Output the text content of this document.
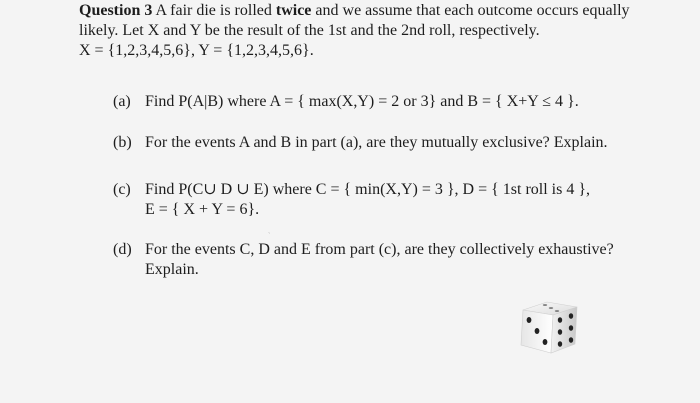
Question 3 A fair die is rolled twice and we assume that each outcome occurs equally
likely. Let X and Y be the result of the 1st and the 2nd roll, respectively.
X = {1,2,3,4,5,6}, Y = {1,2,3,4,5,6}.
(a) Find P(A|B) where A = { max(X,Y) = 2 or 3} and B = { X+Y ≤ 4 }.
(b) For the events A and B in part (a), are they mutually exclusive? Explain.
(c) Find P(C∪ D ∪ E) where C = { min(X,Y) = 3 }, D = { 1st roll is 4 },
E = { X + Y = 6}.
(d) For the events C, D and E from part (c), are they collectively exhaustive?
Explain.
˴
